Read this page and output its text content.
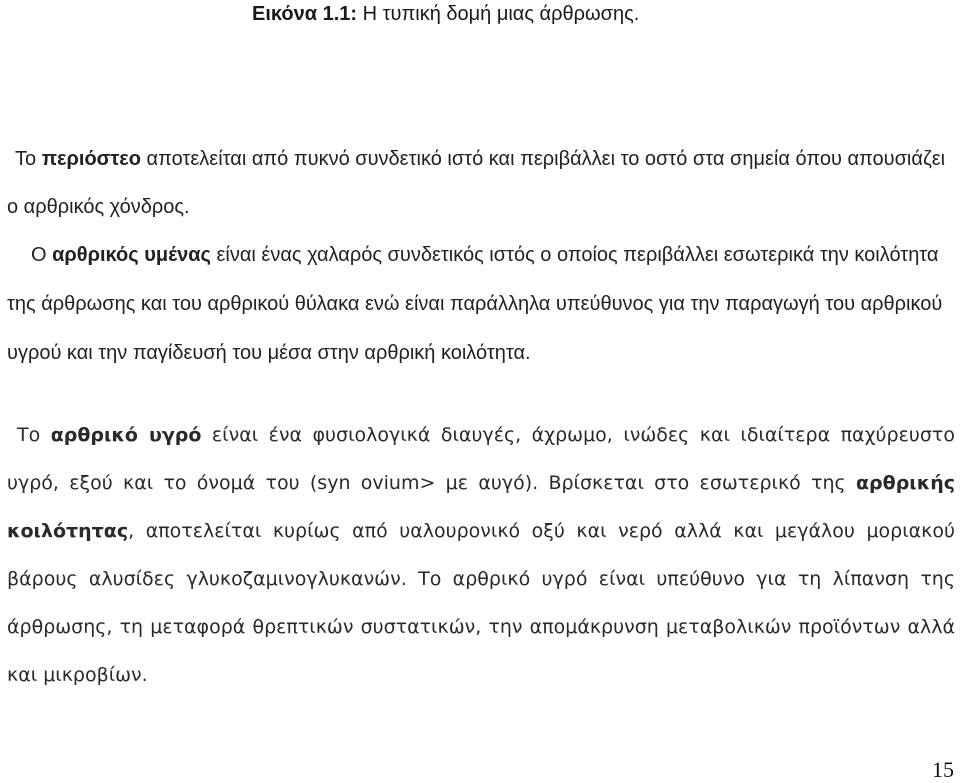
Εικόνα 1.1: Η τυπική δομή μιας άρθρωσης.

Το περιόστεο αποτελείται από πυκνό συνδετικό ιστό και περιβάλλει το οστό στα σημεία όπου απουσιάζει ο αρθρικός χόνδρος.

Ο αρθρικός υμένας είναι ένας χαλαρός συνδετικός ιστός ο οποίος περιβάλλει εσωτερικά την κοιλότητα της άρθρωσης και του αρθρικού θύλακα ενώ είναι παράλληλα υπεύθυνος για την παραγωγή του αρθρικού υγρού και την παγίδευσή του μέσα στην αρθρική κοιλότητα.

Το αρθρικό υγρό είναι ένα φυσιολογικά διαυγές, άχρωμο, ινώδες και ιδιαίτερα παχύρευστο υγρό, εξού και το όνομά του (syn ovium> με αυγό). Βρίσκεται στο εσωτερικό της αρθρικής κοιλότητας, αποτελείται κυρίως από υαλουρονικό οξύ και νερό αλλά και μεγάλου μοριακού βάρους αλυσίδες γλυκοζαμινογλυκανών. Το αρθρικό υγρό είναι υπεύθυνο για τη λίπανση της άρθρωσης, τη μεταφορά θρεπτικών συστατικών, την απομάκρυνση μεταβολικών προϊόντων αλλά και μικροβίων.

15
